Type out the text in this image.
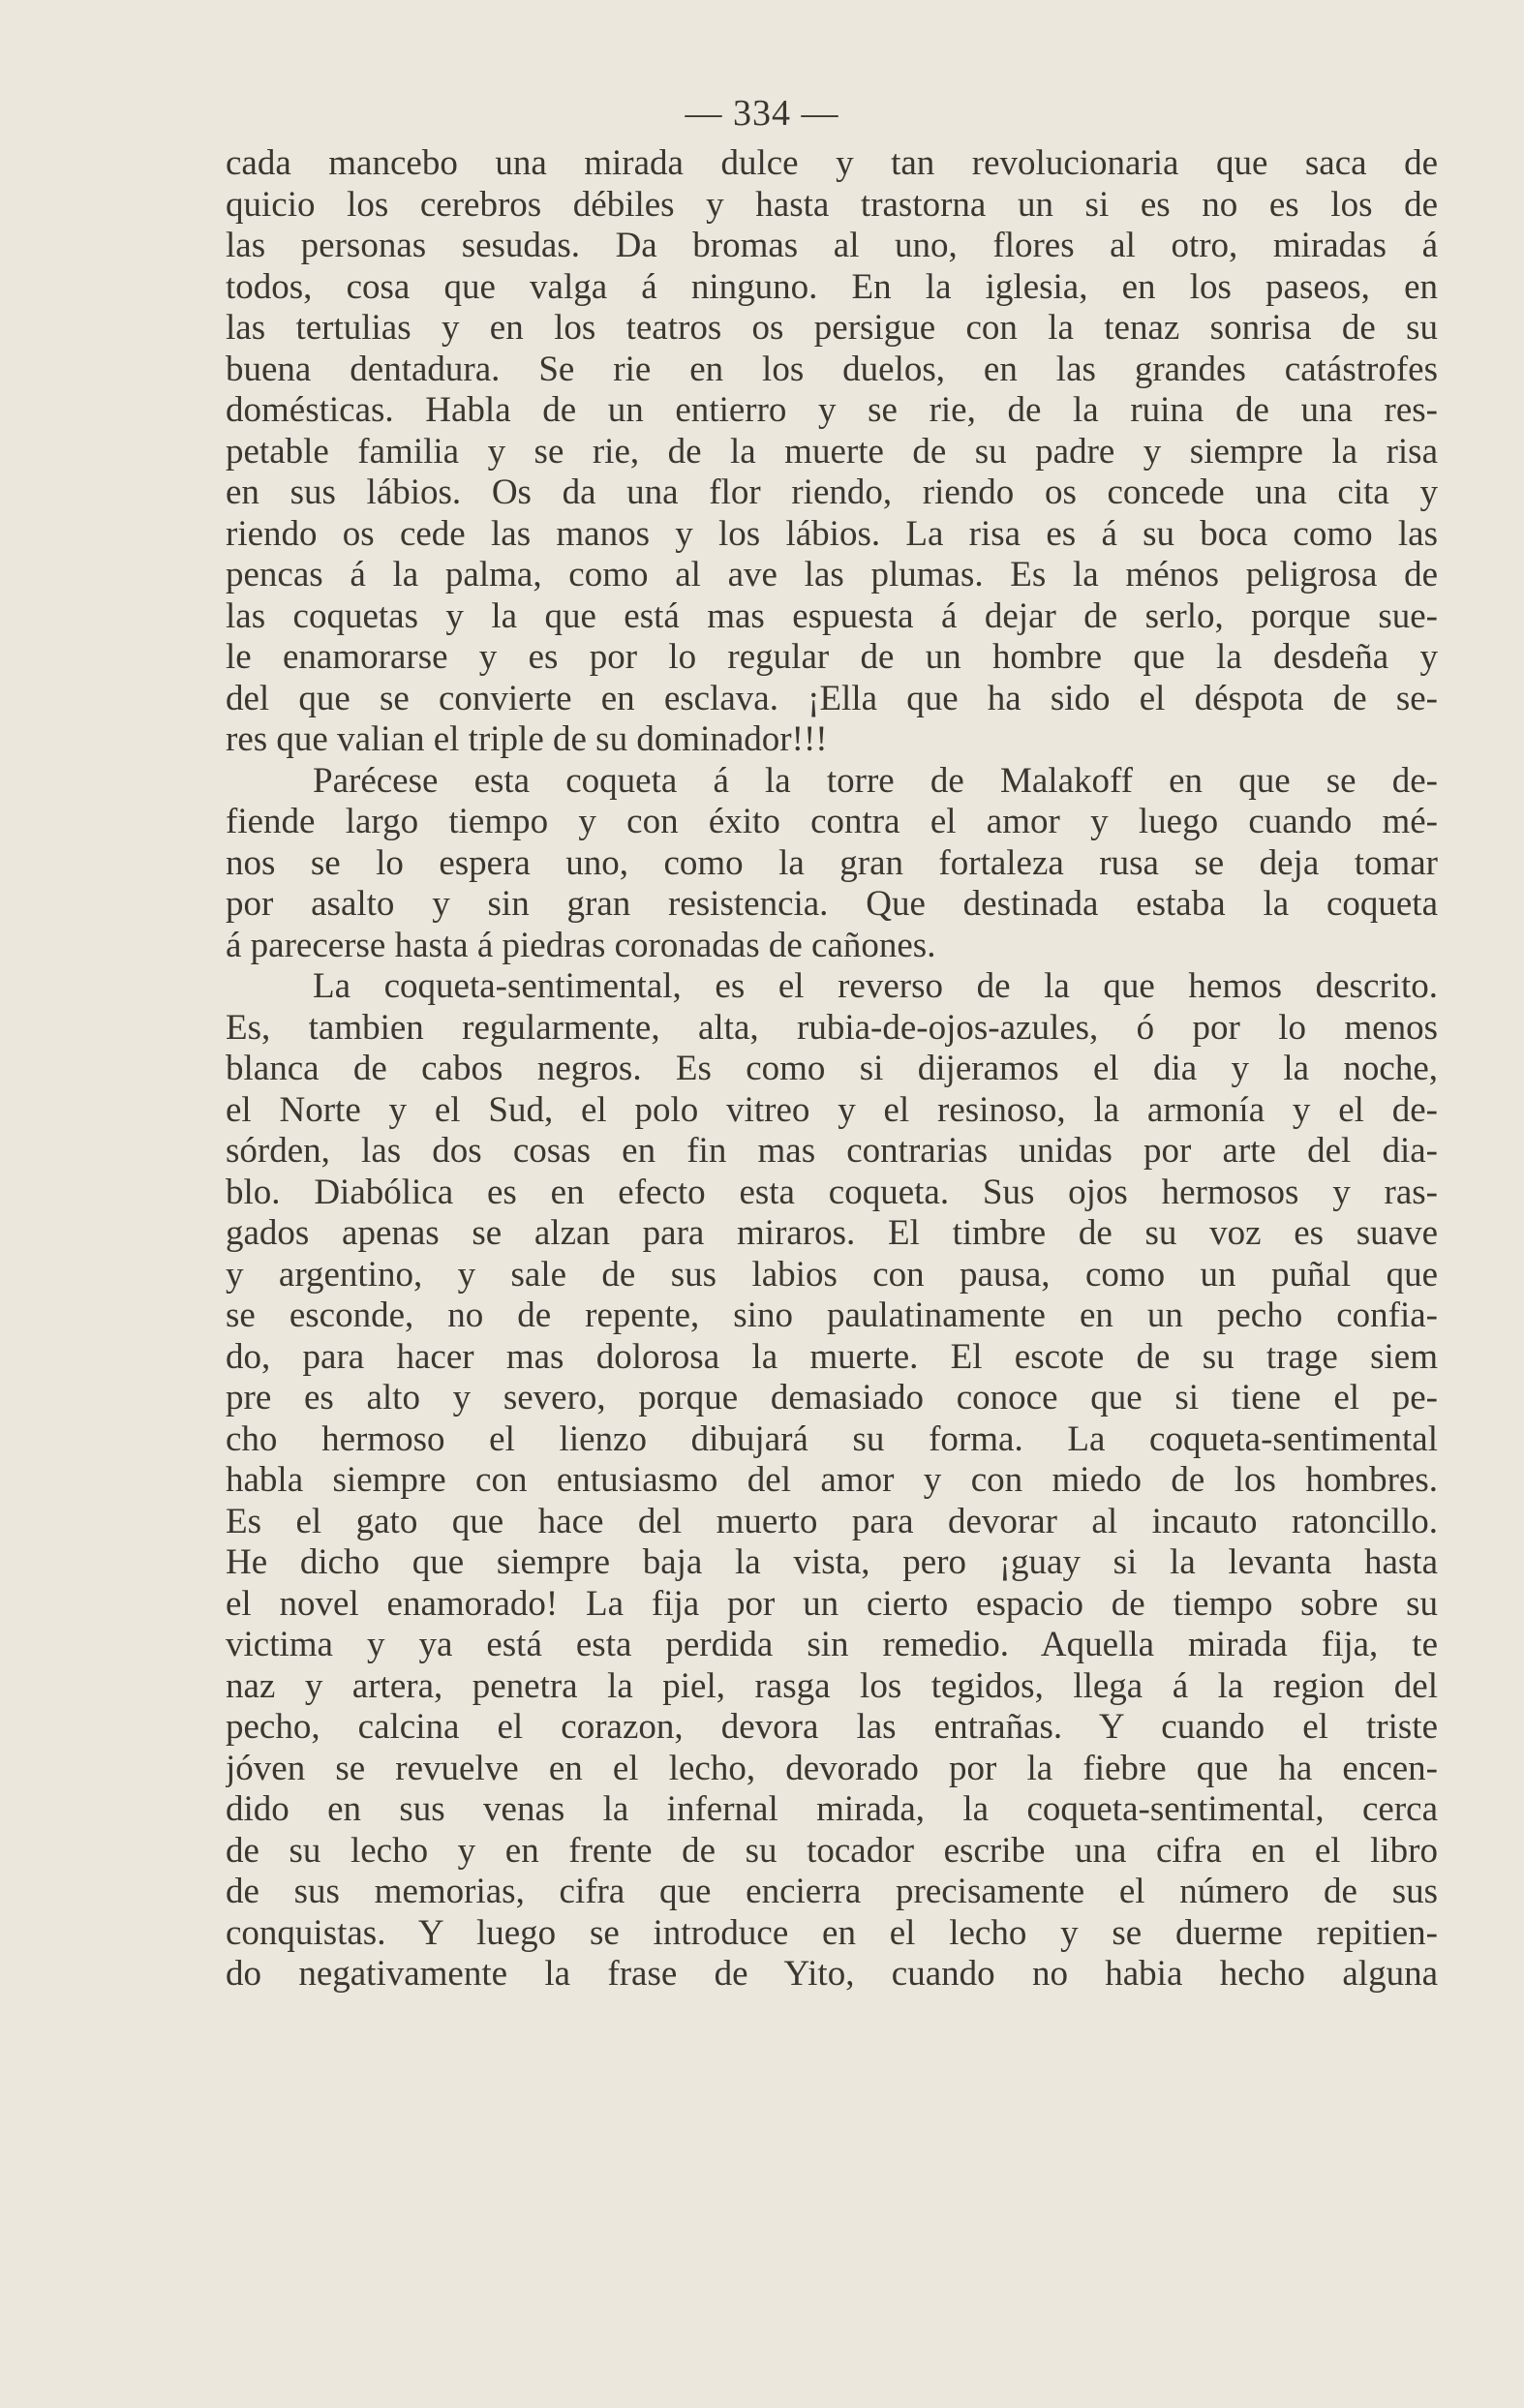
— 334 —
cada mancebo una mirada dulce y tan revolucionaria que saca de
quicio los cerebros débiles y hasta trastorna un si es no es los de
las personas sesudas. Da bromas al uno, flores al otro, miradas á
todos, cosa que valga á ninguno. En la iglesia, en los paseos, en
las tertulias y en los teatros os persigue con la tenaz sonrisa de su
buena dentadura. Se rie en los duelos, en las grandes catástrofes
domésticas. Habla de un entierro y se rie, de la ruina de una res-
petable familia y se rie, de la muerte de su padre y siempre la risa
en sus lábios. Os da una flor riendo, riendo os concede una cita y
riendo os cede las manos y los lábios. La risa es á su boca como las
pencas á la palma, como al ave las plumas. Es la ménos peligrosa de
las coquetas y la que está mas espuesta á dejar de serlo, porque sue-
le enamorarse y es por lo regular de un hombre que la desdeña y
del que se convierte en esclava. ¡Ella que ha sido el déspota de se-
res que valian el triple de su dominador!!!
Parécese esta coqueta á la torre de Malakoff en que se de-
fiende largo tiempo y con éxito contra el amor y luego cuando mé-
nos se lo espera uno, como la gran fortaleza rusa se deja tomar
por asalto y sin gran resistencia. Que destinada estaba la coqueta
á parecerse hasta á piedras coronadas de cañones.
La coqueta-sentimental, es el reverso de la que hemos descrito.
Es, tambien regularmente, alta, rubia-de-ojos-azules, ó por lo menos
blanca de cabos negros. Es como si dijeramos el dia y la noche,
el Norte y el Sud, el polo vitreo y el resinoso, la armonía y el de-
sórden, las dos cosas en fin mas contrarias unidas por arte del dia-
blo. Diabólica es en efecto esta coqueta. Sus ojos hermosos y ras-
gados apenas se alzan para miraros. El timbre de su voz es suave
y argentino, y sale de sus labios con pausa, como un puñal que
se esconde, no de repente, sino paulatinamente en un pecho confia-
do, para hacer mas dolorosa la muerte. El escote de su trage siem
pre es alto y severo, porque demasiado conoce que si tiene el pe-
cho hermoso el lienzo dibujará su forma. La coqueta-sentimental
habla siempre con entusiasmo del amor y con miedo de los hombres.
Es el gato que hace del muerto para devorar al incauto ratoncillo.
He dicho que siempre baja la vista, pero ¡guay si la levanta hasta
el novel enamorado! La fija por un cierto espacio de tiempo sobre su
victima y ya está esta perdida sin remedio. Aquella mirada fija, te
naz y artera, penetra la piel, rasga los tegidos, llega á la region del
pecho, calcina el corazon, devora las entrañas. Y cuando el triste
jóven se revuelve en el lecho, devorado por la fiebre que ha encen-
dido en sus venas la infernal mirada, la coqueta-sentimental, cerca
de su lecho y en frente de su tocador escribe una cifra en el libro
de sus memorias, cifra que encierra precisamente el número de sus
conquistas. Y luego se introduce en el lecho y se duerme repitien-
do negativamente la frase de Yito, cuando no habia hecho alguna
